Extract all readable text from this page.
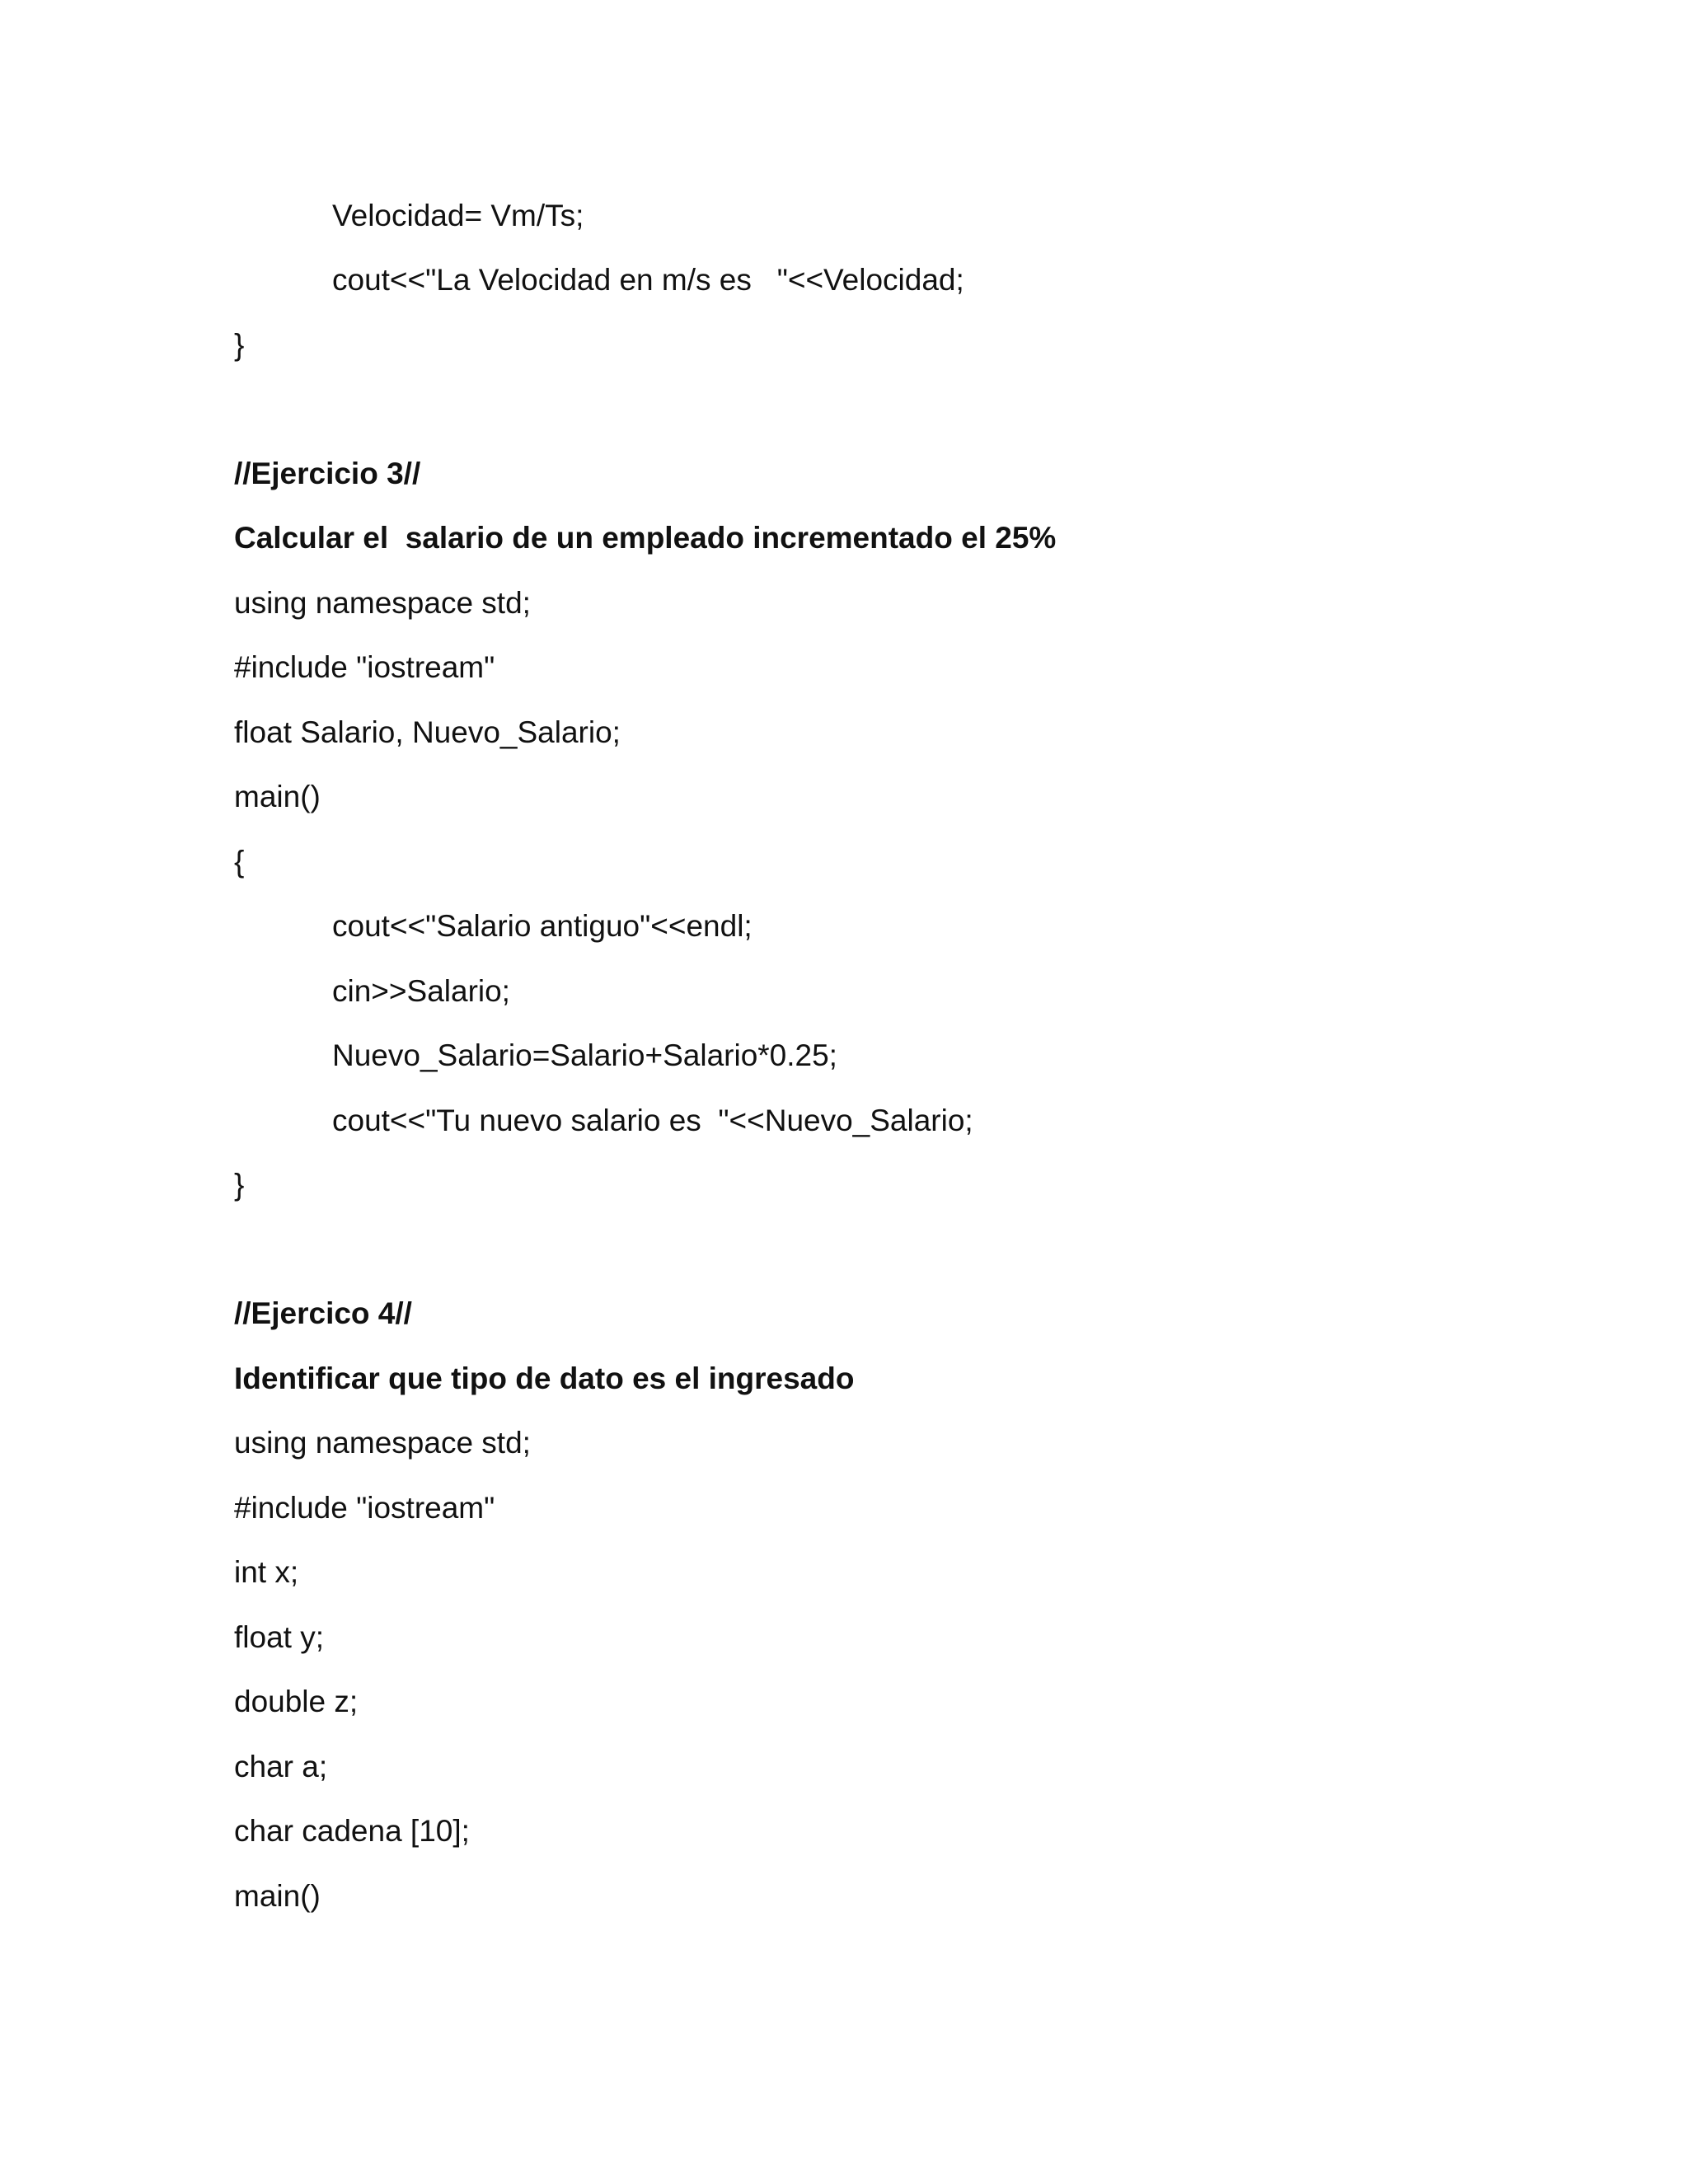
Velocidad= Vm/Ts;
cout<<"La Velocidad en m/s es   "<<Velocidad;
}
//Ejercicio 3//
Calcular el  salario de un empleado incrementado el 25%
using namespace std;
#include "iostream"
float Salario, Nuevo_Salario;
main()
{
cout<<"Salario antiguo"<<endl;
cin>>Salario;
Nuevo_Salario=Salario+Salario*0.25;
cout<<"Tu nuevo salario es  "<<Nuevo_Salario;
}
//Ejercico 4//
Identificar que tipo de dato es el ingresado
using namespace std;
#include "iostream"
int x;
float y;
double z;
char a;
char cadena [10];
main()
